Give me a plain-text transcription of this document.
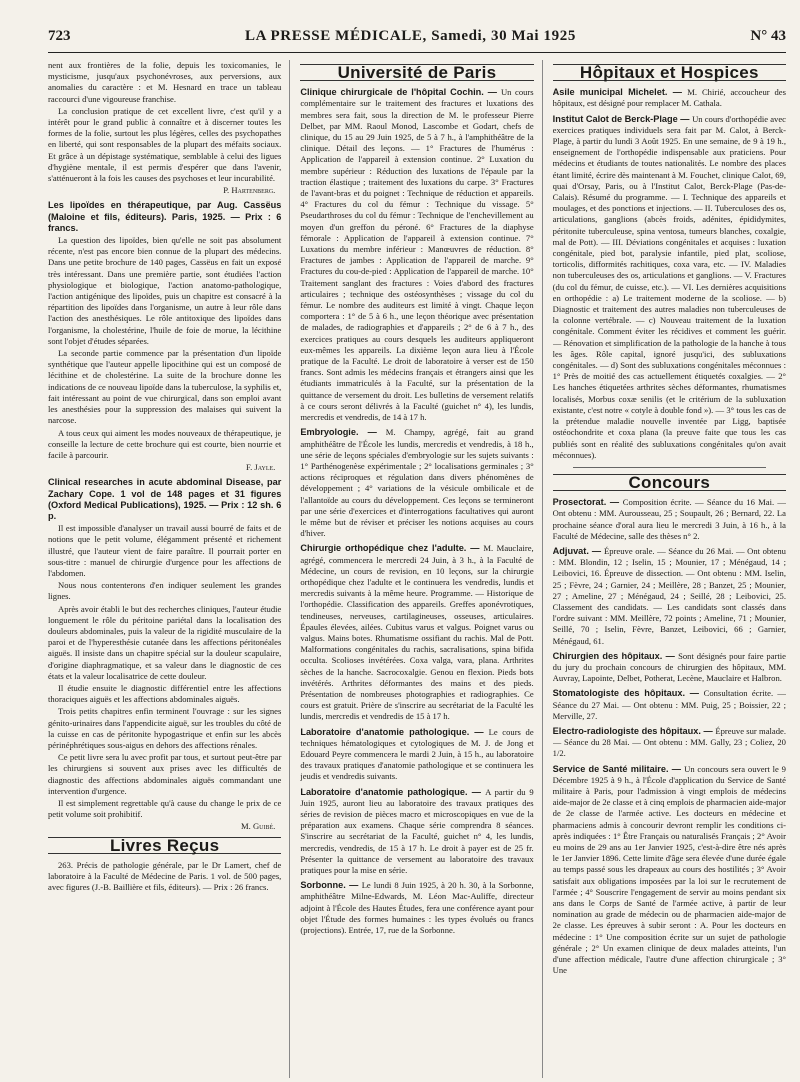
723	LA PRESSE MÉDICALE, Samedi, 30 Mai 1925	N° 43

nent aux frontières de la folie, depuis les toxicomanies, le mysticisme, jusqu'aux psychonévroses, aux perversions, aux anomalies du caractère : et M. Hesnard en trace un tableau raccourci d'une vigoureuse franchise.

La conclusion pratique de cet excellent livre, c'est qu'il y a intérêt pour le grand public à connaître et à discerner toutes les formes de la folie, surtout les plus légères, celles des psychopathes en liberté, qui sont responsables de la plupart des méfaits sociaux. Et grâce à un dépistage systématique, semblable à celui des ligues d'hygiène mentale, il est permis d'espérer que dans l'avenir, s'atténueront à la fois les causes des psychoses et leur incurabilité.

P. Hartenberg.

Les lipoïdes en thérapeutique, par Aug. Cassëus (Maloine et fils, éditeurs). Paris, 1925. — Prix : 6 francs.

La question des lipoïdes, bien qu'elle ne soit pas absolument récente, n'est pas encore bien connue de la plupart des médecins. Dans une petite brochure de 140 pages, Cassëus en fait un exposé très intéressant. Dans une première partie, sont étudiées l'action physiologique et biologique, l'action anatomo-pathologique, l'action antigénique des lipoïdes, puis un chapitre est consacré à la répartition des lipoïdes dans l'organisme, un autre à leur rôle dans l'action des anesthésiques. Le rôle antitoxique des lipoïdes dans l'organisme, la cholestérine, l'huile de foie de morue, la lécithine sont l'objet d'études séparées.

La seconde partie commence par la présentation d'un lipoïde synthétique que l'auteur appelle lipocithine qui est un composé de lécithine et de cholestérine. La suite de la brochure donne les indications de ce nouveau lipoïde dans la tuberculose, la syphilis et, fait intéressant au point de vue chirurgical, dans son emploi avant les anesthésies pour la suppression des malaises qui suivent la narcose.

A tous ceux qui aiment les modes nouveaux de thérapeutique, je conseille la lecture de cette brochure qui est courte, bien nourrie et facile à parcourir.

F. Jayle.

Clinical researches in acute abdominal Disease, par Zachary Cope. 1 vol de 148 pages et 31 figures (Oxford Medical Publications), 1925. — Prix : 12 sh. 6 p.

Il est impossible d'analyser un travail aussi bourré de faits et de notions que le petit volume, élégamment présenté et richement illustré, que l'auteur vient de faire paraître. Il pourrait porter en sous-titre : manuel de chirurgie d'urgence pour les affections de l'abdomen.

Nous nous contenterons d'en indiquer seulement les grandes lignes.

Après avoir établi le but des recherches cliniques, l'auteur étudie longuement le rôle du péritoine pariétal dans la localisation des douleurs abdominales, puis la valeur de la rigidité musculaire de la paroi et de l'hyperesthésie cutanée dans les affections péritonéales aiguës. Il insiste dans un chapitre spécial sur la douleur scapulaire, d'origine diaphragmatique, et sa valeur dans le diagnostic de ces états et la valeur localisatrice de cette douleur.

Il étudie ensuite le diagnostic différentiel entre les affections thoraciques aiguës et les affections abdominales aiguës.

Trois petits chapitres enfin terminent l'ouvrage : sur les signes génito-urinaires dans l'appendicite aiguë, sur les troubles du côté de la cuisse en cas de péritonite hypogastrique et enfin sur les abcès périnéphrétiques sous-aigus en dehors des affections rénales.

Ce petit livre sera lu avec profit par tous, et surtout peut-être par les chirurgiens si souvent aux prises avec les difficultés de diagnostic des affections abdominales aiguës commandant une intervention d'urgence.

Il est simplement regrettable qu'à cause du change le prix de ce petit volume soit prohibitif.

M. Guibé.
Livres Reçus

263. Précis de pathologie générale, par le Dr Lamert, chef de laboratoire à la Faculté de Médecine de Paris. 1 vol. de 500 pages, avec figures (J.-B. Baillière et fils, éditeurs). — Prix : 26 francs.

Université de Paris
Clinique chirurgicale de l'hôpital Cochin. — Un cours complémentaire sur le traitement des fractures et luxations des membres sera fait, sous la direction de M. le professeur Pierre Delbet, par MM. Raoul Monod, Lascombe et Godart, chefs de clinique, du 15 au 29 Juin 1925, de 5 à 7 h., à l'amphithéâtre de la clinique. Détail des leçons. — 1° Fractures de l'humérus : Application de l'appareil à extension continue. 2° Luxation du membre supérieur : Réduction des luxations de l'épaule par la traction élastique ; traitement des luxations du carpe. 3° Fractures de l'avant-bras et du poignet : Technique de réduction et appareils. 4° Fractures du col du fémur : Technique du vissage. 5° Pseudarthroses du col du fémur : Technique de l'enchevillement au moyen d'un greffon du péroné. 6° Fractures de la diaphyse fémorale : Application de l'appareil à extension continue. 7° Luxations du membre inférieur : Manœuvres de réduction. 8° Fractures de jambes : Application de l'appareil de marche. 9° Fractures du cou-de-pied : Application de l'appareil de marche. 10° Traitement sanglant des fractures : Voies d'abord des fractures articulaires ; technique des ostéosynthèses ; vissage du col du fémur. Le nombre des auditeurs est limité à vingt. Chaque leçon comportera : 1° de 5 à 6 h., une leçon théorique avec présentation de malades, de radiographies et d'appareils ; 2° de 6 à 7 h., des exercices pratiques au cours desquels les auditeurs appliqueront eux-mêmes les appareils. La dixième leçon aura lieu à l'École pratique de la Faculté. Le droit de laboratoire à verser est de 150 francs. Sont admis les médecins français et étrangers ainsi que les étudiants immatriculés à la Faculté, sur la présentation de la quittance de versement du droit. Les bulletins de versement relatifs à ce cours seront délivrés à la Faculté (guichet n° 4), les lundis, mercredis et vendredis, de 14 à 17 h.
Embryologie. — M. Champy, agrégé, fait au grand amphithéâtre de l'École les lundis, mercredis et vendredis, à 18 h., une série de leçons spéciales d'embryologie sur les sujets suivants : 1° Parthénogenèse expérimentale ; 2° localisations germinales ; 3° actions réciproques et régulation dans divers phénomènes de développement ; 4° variations de la vésicule ombilicale et de l'allantoïde au cours du développement. Ces leçons se termineront par une série d'exercices et d'interrogations facultatives qui auront le même but de réviser et préciser les notions acquises au cours d'hiver.
Chirurgie orthopédique chez l'adulte. — M. Mauclaire, agrégé, commencera le mercredi 24 Juin, à 3 h., à la Faculté de Médecine, un cours de revision, en 10 leçons, sur la chirurgie orthopédique chez l'adulte et le continuera les vendredis, lundis et mercredis suivants à la même heure. Programme. — Historique de l'orthopédie. Classification des appareils. Greffes aponévrotiques, tendineuses, nerveuses, cartilagineuses, osseuses, articulaires. Épaules élevées, ailées. Cubitus varus et valgus. Poignet varus ou valgus. Mains botes. Rhumatisme ossifiant du rachis. Mal de Pott. Malformations congénitales du rachis, sacralisations, spina bifida occulta. Scolioses invétérées. Coxa valga, vara, plana. Arthrites sèches de la hanche. Sacrocoxalgie. Genou en flexion. Pieds bots invétérés. Arthrites déformantes des mains et des pieds. Présentation de nombreuses photographies et radiographies. Ce cours est gratuit. Prière de s'inscrire au secrétariat de la Faculté les lundis, mercredis et vendredis de 15 à 17 h.
Laboratoire d'anatomie pathologique. — Le cours de techniques hématologiques et cytologiques de M. J. de Jong et Edouard Peyre commencera le mardi 2 Juin, à 15 h., au laboratoire des travaux pratiques d'anatomie pathologique et se continuera les jeudis et vendredis suivants.
Laboratoire d'anatomie pathologique. — A partir du 9 Juin 1925, auront lieu au laboratoire des travaux pratiques des séries de revision de pièces macro et microscopiques en vue de la préparation aux examens. Chaque série comprendra 8 séances. S'inscrire au secrétariat de la Faculté, guichet n° 4, les lundis, mercredis, vendredis, de 15 à 17 h. Le droit à payer est de 25 fr. Présenter la quittance de versement au laboratoire des travaux pratiques pour la mise en série.
Sorbonne. — Le lundi 8 Juin 1925, à 20 h. 30, à la Sorbonne, amphithéâtre Milne-Edwards, M. Léon Mac-Auliffe, directeur adjoint à l'École des Hautes Études, fera une conférence ayant pour objet l'Étude des formes humaines : les types évolués ou francs (projections). Entrée, 17, rue de la Sorbonne.
Hôpitaux et Hospices
Asile municipal Michelet. — M. Chirié, accoucheur des hôpitaux, est désigné pour remplacer M. Cathala.
Institut Calot de Berck-Plage — Un cours d'orthopédie avec exercices pratiques individuels sera fait par M. Calot, à Berck-Plage, à partir du lundi 3 Août 1925. En une semaine, de 9 à 19 h., enseignement de l'orthopédie indispensable aux praticiens. Pour médecins et étudiants de toutes nationalités. Le nombre des places étant limité, écrire dès maintenant à M. Fouchet, clinique Calot, 69, quai d'Orsay, Paris, ou à l'Institut Calot, Berck-Plage (Pas-de-Calais). Résumé du programme. — I. Technique des appareils et moulages, et des ponctions et injections. — II. Tuberculoses des os, articulations, ganglions (abcès froids, adénites, épididymites, péritonite tuberculeuse, spina ventosa, tumeurs blanches, coxalgie, mal de Pott). — III. Déviations congénitales et acquises : luxation congénitale, pied bot, paralysie infantile, pied plat, scoliose, torticolis, difformités rachitiques, coxa vara, etc. — IV. Maladies non tuberculeuses des os, articulations et ganglions. — V. Fractures (du col du fémur, de cuisse, etc.). — VI. Les dernières acquisitions en orthopédie : a) Le traitement moderne de la scoliose. — b) Diagnostic et traitement des autres maladies non tuberculeuses de la colonne vertébrale. — c) Nouveau traitement de la luxation congénitale. Comment éviter les récidives et comment les guérir. — Rénovation et simplification de la pathologie de la hanche à tous les âges. Rôle capital, ignoré jusqu'ici, des subluxations congénitales. — d) Sont des subluxations congénitales méconnues : 1° Près de moitié des cas actuellement étiquetés coxalgies. — 2° Les hanches étiquetées arthrites sèches déformantes, rhumatismes localisés, Morbus coxæ senilis (et le critérium de la subluxation existante, c'est notre « cotyle à double fond »). — 3° tous les cas de la prétendue maladie nouvelle inventée par Ligg, baptisée ostéochondrite et coxa plana (la preuve faite que tous les cas publiés sont en réalité des subluxations congénitales qu'on avait méconnues).
Concours
Prosectorat. — Composition écrite. — Séance du 16 Mai. — Ont obtenu : MM. Aurousseau, 25 ; Soupault, 26 ; Bernard, 22. La prochaine séance d'oral aura lieu le mercredi 3 Juin, à 16 h., à la Faculté de Médecine, salle des thèses n° 2.
Adjuvat. — Épreuve orale. — Séance du 26 Mai. — Ont obtenu : MM. Blondin, 12 ; Iselin, 15 ; Mounier, 17 ; Ménégaud, 14 ; Leibovici, 16. Épreuve de dissection. — Ont obtenu : MM. Iselin, 25 ; Fèvre, 24 ; Garnier, 24 ; Meillère, 28 ; Banzet, 25 ; Mounier, 27 ; Ameline, 27 ; Ménégaud, 24 ; Seillé, 28 ; Leibovici, 25. Classement des candidats. — Les candidats sont classés dans l'ordre suivant : MM. Meillère, 72 points ; Ameline, 71 ; Mounier, Seillé, 70 ; Iselin, Fèvre, Banzet, Leibovici, 66 ; Garnier, Ménégaud, 61.
Chirurgien des hôpitaux. — Sont désignés pour faire partie du jury du prochain concours de chirurgien des hôpitaux, MM. Auvray, Lapointe, Delbet, Potherat, Lecène, Mauclaire et Halbron.
Stomatologiste des hôpitaux. — Consultation écrite. — Séance du 27 Mai. — Ont obtenu : MM. Puig, 25 ; Boissier, 22 ; Merville, 27.
Electro-radiologiste des hôpitaux. — Épreuve sur malade. — Séance du 28 Mai. — Ont obtenu : MM. Gally, 23 ; Coliez, 20 1/2.
Service de Santé militaire. — Un concours sera ouvert le 9 Décembre 1925 à 9 h., à l'École d'application du Service de Santé militaire à Paris, pour l'admission à vingt emplois de médecins aide-major de 2e classe et à cinq emplois de pharmacien aide-major de 2e classe de l'armée active. Les docteurs en médecine et pharmaciens admis à concourir devront remplir les conditions ci-après indiquées : 1° Être Français ou naturalisés Français ; 2° Avoir eu moins de 29 ans au 1er Janvier 1925, c'est-à-dire être nés après le 1er Janvier 1896. Cette limite d'âge sera élevée d'une durée égale au temps passé sous les drapeaux au cours des hostilités ; 3° Avoir satisfait aux obligations imposées par la loi sur le recrutement de l'armée ; 4° Souscrire l'engagement de servir au moins pendant six ans dans le Corps de Santé de l'armée active, à partir de leur nomination au grade de médecin ou de pharmacien aide-major de 2e classe. Les épreuves à subir seront : A. Pour les docteurs en médecine : 1° Une composition écrite sur un sujet de pathologie générale ; 2° Un examen clinique de deux malades atteints, l'un d'une affection médicale, l'autre d'une affection chirurgicale ; 3° Une
